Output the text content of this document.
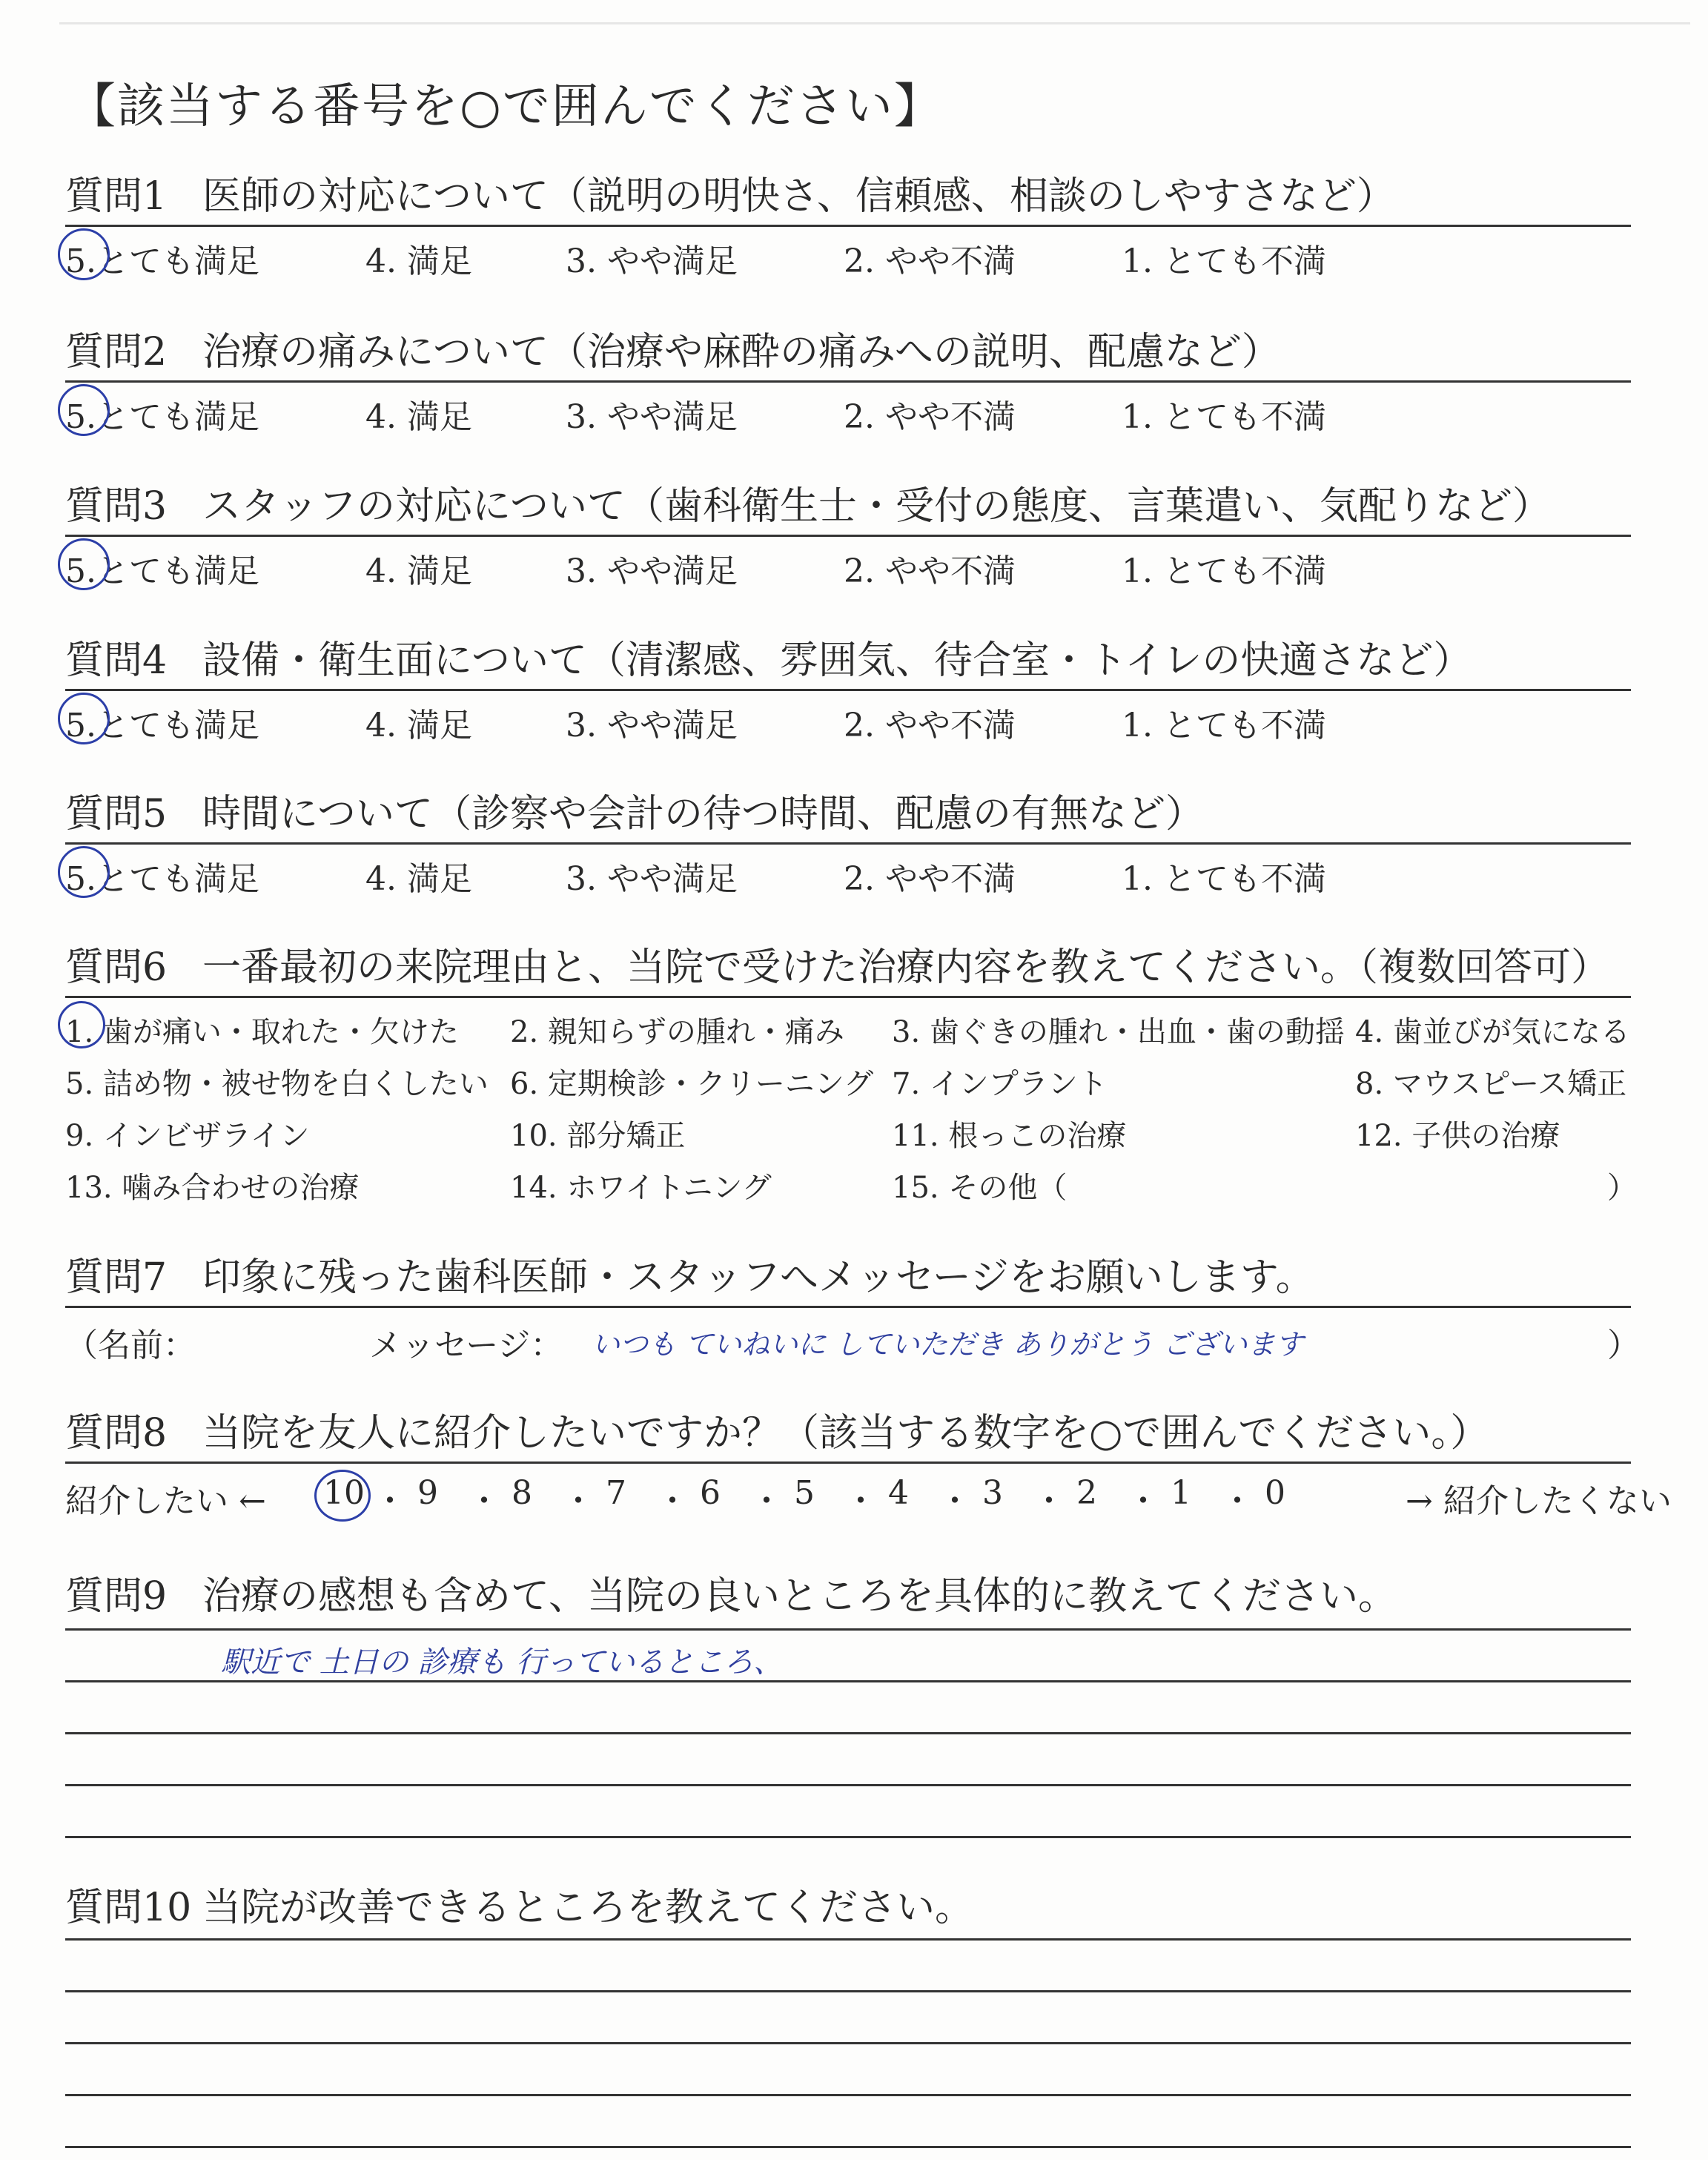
【該当する番号を○で囲んでください】
質問1 医師の対応について（説明の明快さ、信頼感、相談のしやすさなど）
5.とても満足	4. 満足	3. やや満足	2. やや不満	1. とても不満
質問2 治療の痛みについて（治療や麻酔の痛みへの説明、配慮など）
5.とても満足	4. 満足	3. やや満足	2. やや不満	1. とても不満
質問3 スタッフの対応について（歯科衛生士・受付の態度、言葉遣い、気配りなど）
5.とても満足	4. 満足	3. やや満足	2. やや不満	1. とても不満
質問4 設備・衛生面について（清潔感、雰囲気、待合室・トイレの快適さなど）
5.とても満足	4. 満足	3. やや満足	2. やや不満	1. とても不満
質問5 時間について（診察や会計の待つ時間、配慮の有無など）
5.とても満足	4. 満足	3. やや満足	2. やや不満	1. とても不満
質問6 一番最初の来院理由と、当院で受けた治療内容を教えてください。（複数回答可）
1. 歯が痛い・取れた・欠けた 2. 親知らずの腫れ・痛み 3. 歯ぐきの腫れ・出血・歯の動揺 4. 歯並びが気になる
5. 詰め物・被せ物を白くしたい 6. 定期検診・クリーニング 7. インプラント	8. マウスピース矯正
9. インビザライン	10. 部分矯正	11. 根っこの治療	12. 子供の治療
13. 噛み合わせの治療	14. ホワイトニング	15. その他（	）
質問7 印象に残った歯科医師・スタッフへメッセージをお願いします。
（名前：	メッセージ： いつも ていねいに していただき ありがとう ございます	）
質問8 当院を友人に紹介したいですか？（該当する数字を○で囲んでください。）
紹介したい ←	→ 紹介したくない
10 ・ 9 ・ 8 ・ 7 ・ 6 ・ 5 ・ 4 ・ 3 ・ 2 ・ 1 ・ 0
質問9 治療の感想も含めて、当院の良いところを具体的に教えてください。
駅近で 土日の 診療も 行っているところ、
質問10 当院が改善できるところを教えてください。
